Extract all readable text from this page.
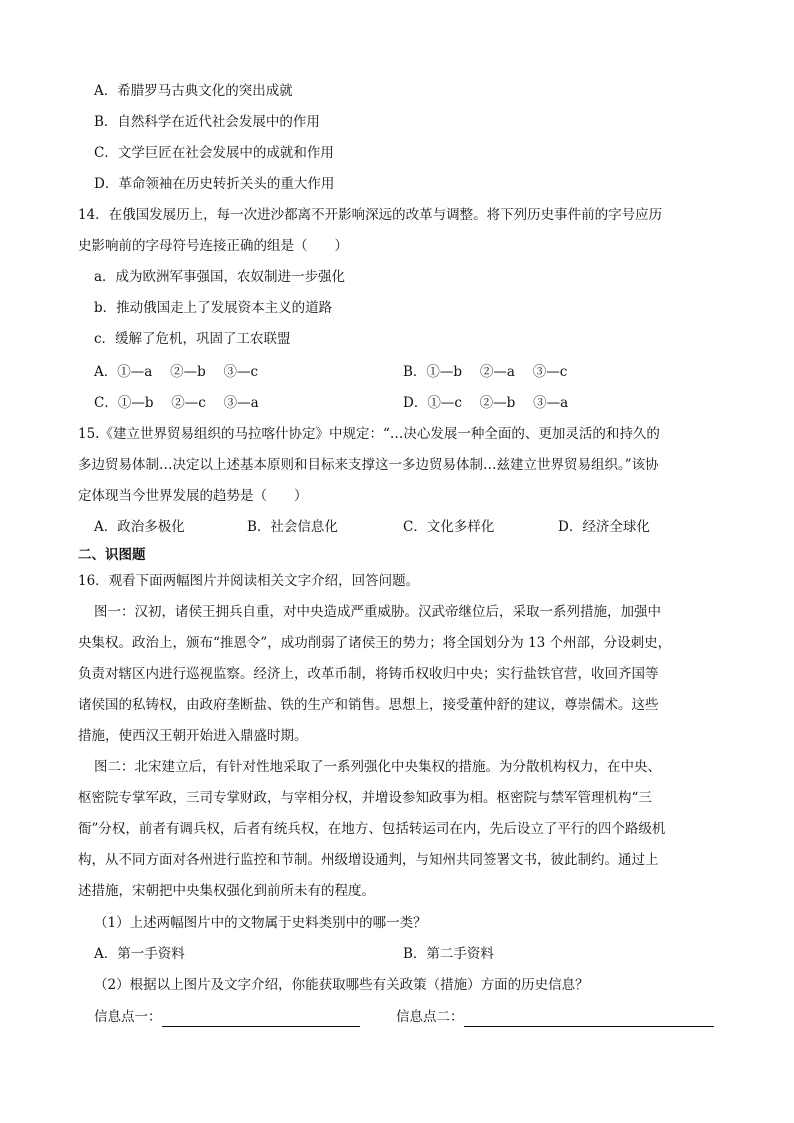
A．希腊罗马古典文化的突出成就
B．自然科学在近代社会发展中的作用
C．文学巨匠在社会发展中的成就和作用
D．革命领袖在历史转折关头的重大作用
14．在俄国发展历上，每一次进沙都离不开影响深远的改革与调整。将下列历史事件前的字号应历
史影响前的字母符号连接正确的组是（　　）
a．成为欧洲军事强国，农奴制进一步强化
b．推动俄国走上了发展资本主义的道路
c．缓解了危机，巩固了工农联盟
A．①—a　 ②—b　 ③—c	B．①—b　 ②—a　 ③—c
C．①—b　 ②—c　 ③—a	D．①—c　 ②—b　 ③—a
15.《建立世界贸易组织的马拉喀什协定》中规定：“…决心发展一种全面的、更加灵活的和持久的
多边贸易体制…决定以上述基本原则和目标来支撑这一多边贸易体制…兹建立世界贸易组织。”该协
定体现当今世界发展的趋势是（　　）
A．政治多极化	B．社会信息化	C．文化多样化	D．经济全球化
二、识图题
16．观看下面两幅图片并阅读相关文字介绍，回答问题。
图一：汉初，诸侯王拥兵自重，对中央造成严重威胁。汉武帝继位后，采取一系列措施，加强中
央集权。政治上，颁布“推恩令”，成功削弱了诸侯王的势力；将全国划分为 13 个州部，分设刺史，
负责对辖区内进行巡视监察。经济上，改革币制，将铸币权收归中央；实行盐铁官营，收回齐国等
诸侯国的私铸权，由政府垄断盐、铁的生产和销售。思想上，接受董仲舒的建议，尊崇儒术。这些
措施，使西汉王朝开始进入鼎盛时期。
图二：北宋建立后，有针对性地采取了一系列强化中央集权的措施。为分散机构权力，在中央、
枢密院专掌军政，三司专掌财政，与宰相分权，并增设参知政事为相。枢密院与禁军管理机构“三
衙”分权，前者有调兵权，后者有统兵权，在地方、包括转运司在内，先后设立了平行的四个路级机
构，从不同方面对各州进行监控和节制。州级增设通判，与知州共同签署文书，彼此制约。通过上
述措施，宋朝把中央集权强化到前所未有的程度。
（1）上述两幅图片中的文物属于史料类别中的哪一类？
A．第一手资料	B．第二手资料
（2）根据以上图片及文字介绍，你能获取哪些有关政策（措施）方面的历史信息？
信息点一：	信息点二：
